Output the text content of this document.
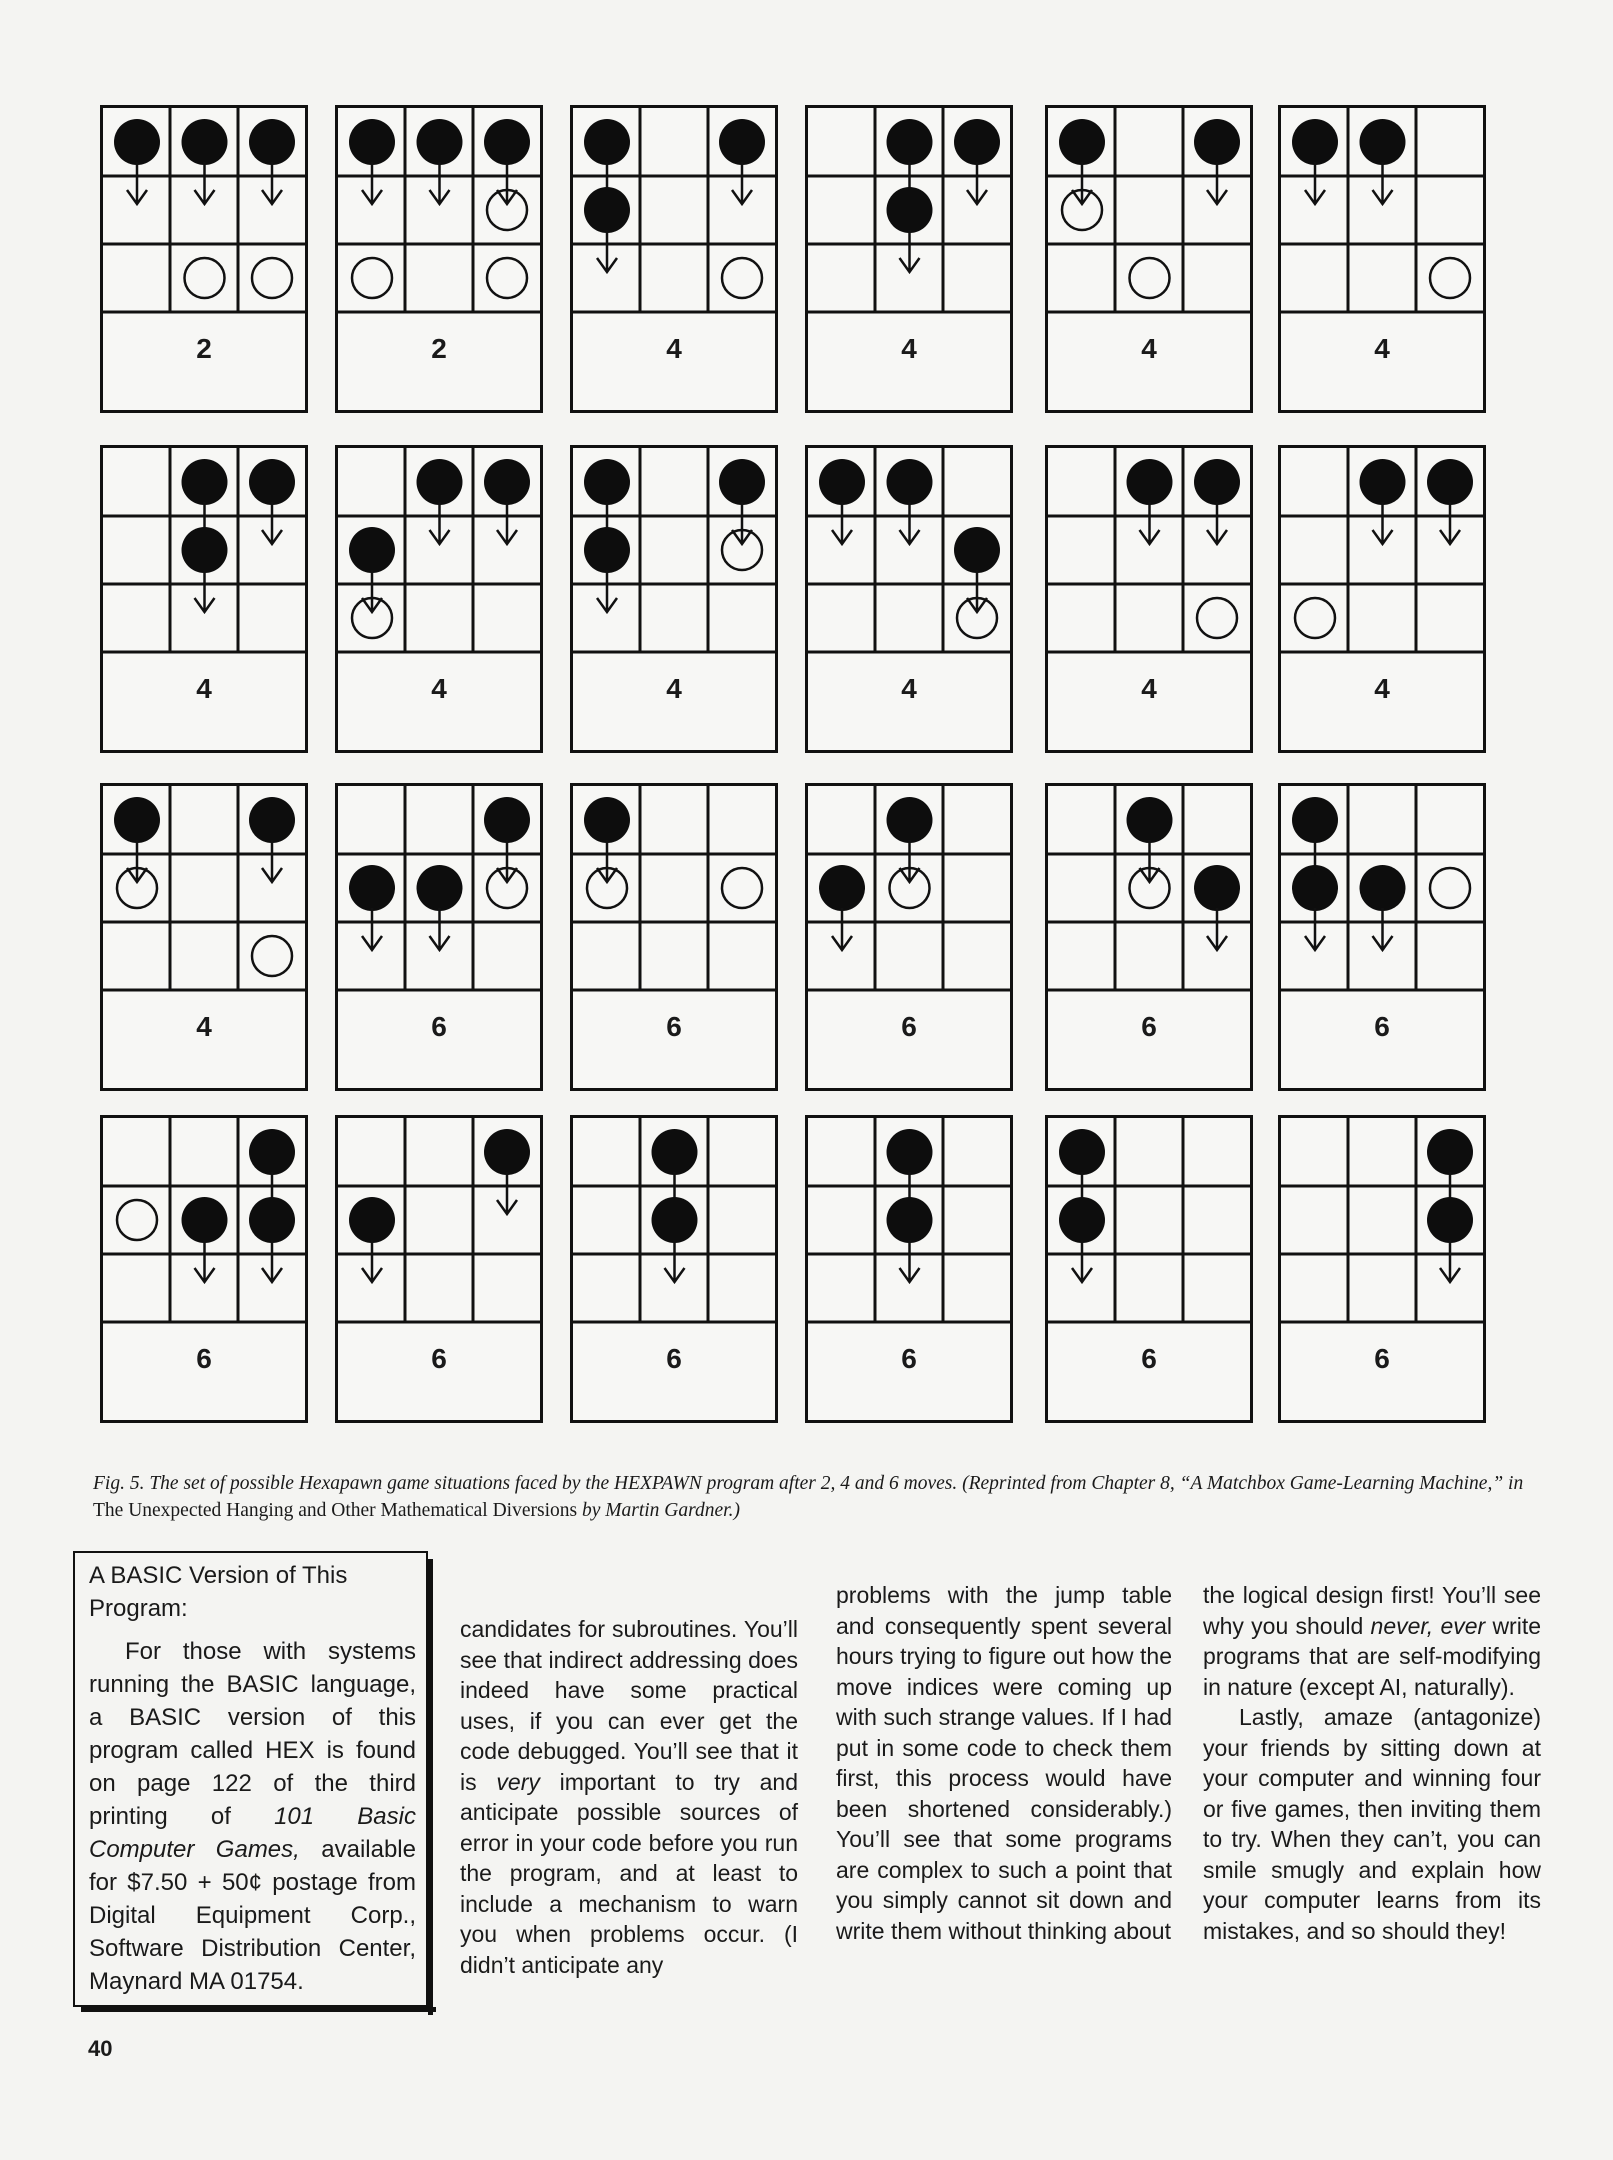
2	2	4	4	4	4
4	4	4	4	4	4
4	6	6	6	6	6
6	6	6	6	6	6
Fig. 5. The set of possible Hexapawn game situations faced by the HEXPAWN program after 2, 4 and 6 moves. (Reprinted from Chapter 8, “A Matchbox Game-Learning Machine,” in The Unexpected Hanging and Other Mathematical Diversions by Martin Gardner.)

A BASIC Version of This Program:

For those with systems running the BASIC language, a BASIC version of this program called HEX is found on page 122 of the third printing of 101 Basic Computer Games, available for $7.50 + 50¢ postage from Digital Equipment Corp., Software Distribution Center, Maynard MA 01754.

candidates for subroutines. You’ll see that indirect addressing does indeed have some practical uses, if you can ever get the code debugged. You’ll see that it is very important to try and anticipate possible sources of error in your code before you run the program, and at least to include a mechanism to warn you when problems occur. (I didn’t anticipate any

problems with the jump table and consequently spent several hours trying to figure out how the move indices were coming up with such strange values. If I had put in some code to check them first, this process would have been shortened considerably.) You’ll see that some programs are complex to such a point that you simply cannot sit down and write them without thinking about

the logical design first! You’ll see why you should never, ever write programs that are self-modifying in nature (except AI, naturally).

Lastly, amaze (antagonize) your friends by sitting down at your computer and winning four or five games, then inviting them to try. When they can’t, you can smile smugly and explain how your computer learns from its mistakes, and so should they!

40
